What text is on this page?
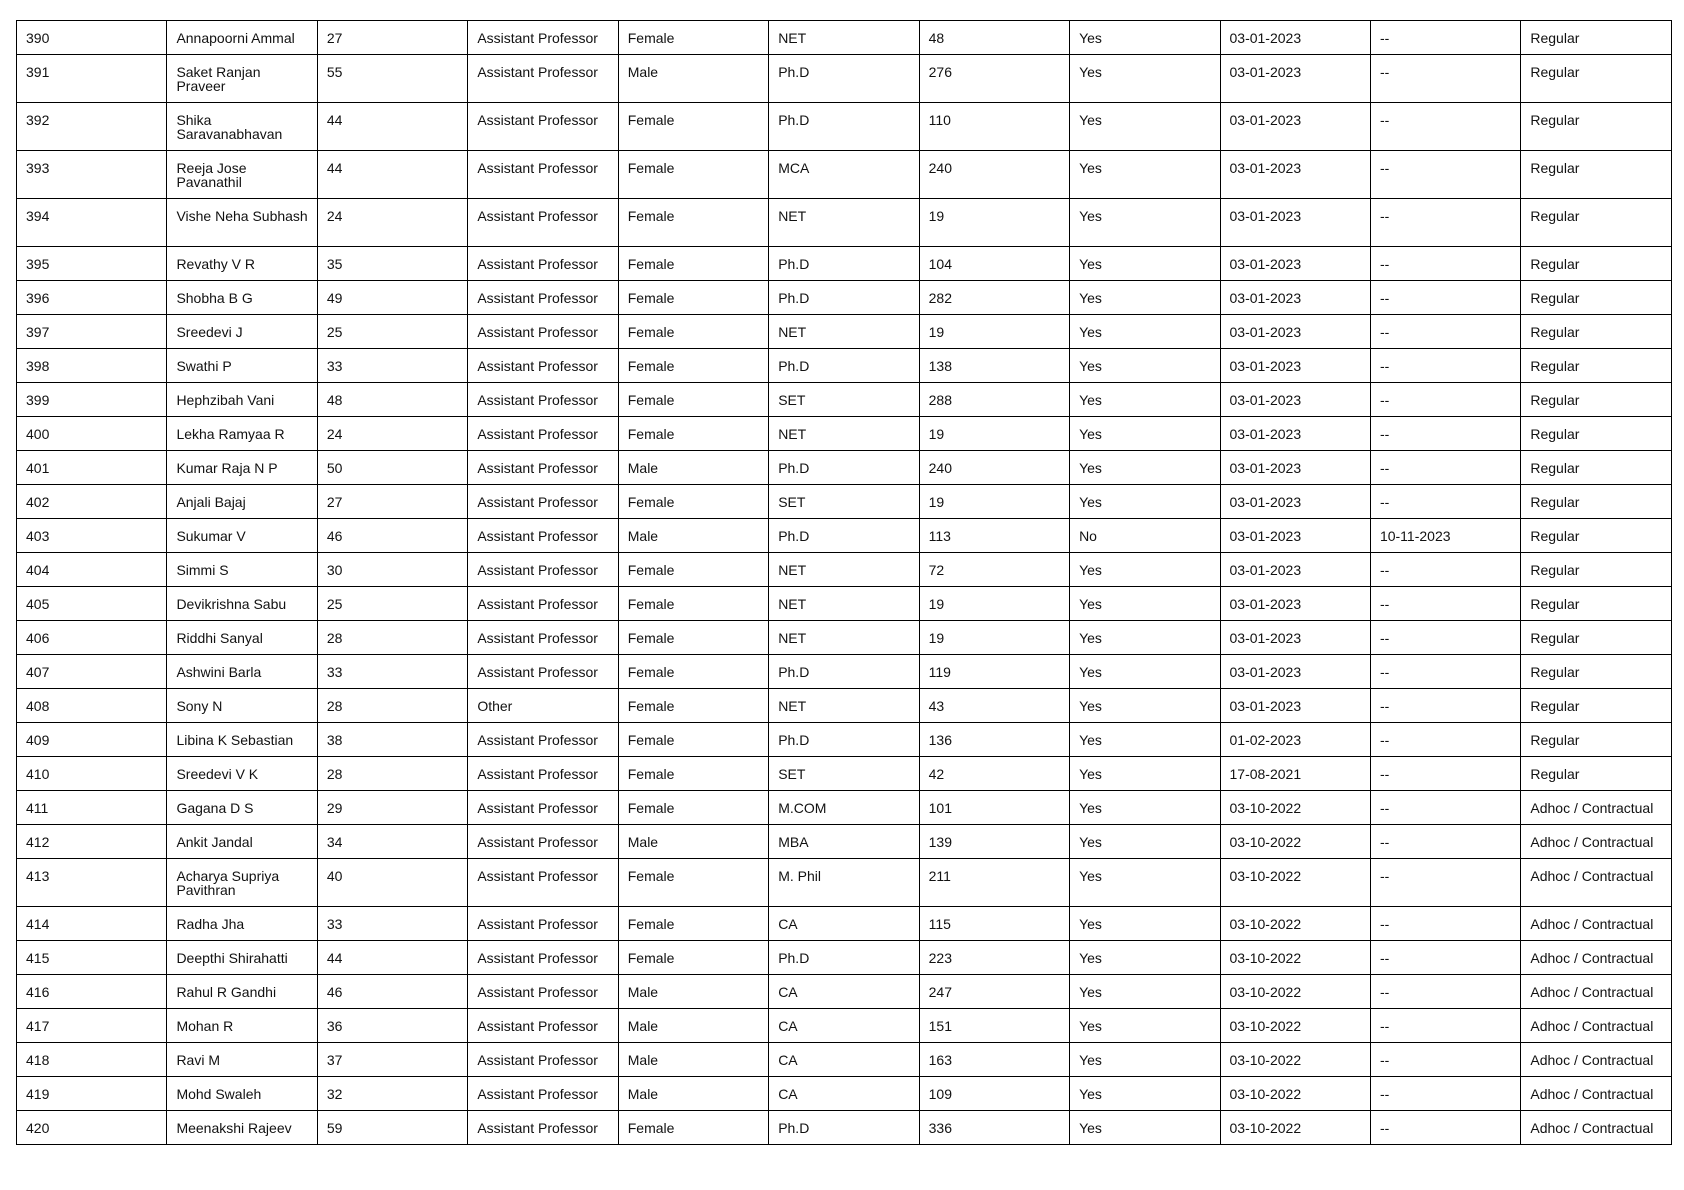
390	Annapoorni Ammal	27	Assistant Professor	Female	NET	48	Yes	03-01-2023	--	Regular
391	Saket Ranjan Praveer	55	Assistant Professor	Male	Ph.D	276	Yes	03-01-2023	--	Regular
392	Shika Saravanabhavan	44	Assistant Professor	Female	Ph.D	110	Yes	03-01-2023	--	Regular
393	Reeja Jose Pavanathil	44	Assistant Professor	Female	MCA	240	Yes	03-01-2023	--	Regular
394	Vishe Neha Subhash	24	Assistant Professor	Female	NET	19	Yes	03-01-2023	--	Regular
395	Revathy V R	35	Assistant Professor	Female	Ph.D	104	Yes	03-01-2023	--	Regular
396	Shobha B G	49	Assistant Professor	Female	Ph.D	282	Yes	03-01-2023	--	Regular
397	Sreedevi J	25	Assistant Professor	Female	NET	19	Yes	03-01-2023	--	Regular
398	Swathi P	33	Assistant Professor	Female	Ph.D	138	Yes	03-01-2023	--	Regular
399	Hephzibah Vani	48	Assistant Professor	Female	SET	288	Yes	03-01-2023	--	Regular
400	Lekha Ramyaa R	24	Assistant Professor	Female	NET	19	Yes	03-01-2023	--	Regular
401	Kumar Raja N P	50	Assistant Professor	Male	Ph.D	240	Yes	03-01-2023	--	Regular
402	Anjali Bajaj	27	Assistant Professor	Female	SET	19	Yes	03-01-2023	--	Regular
403	Sukumar V	46	Assistant Professor	Male	Ph.D	113	No	03-01-2023	10-11-2023	Regular
404	Simmi S	30	Assistant Professor	Female	NET	72	Yes	03-01-2023	--	Regular
405	Devikrishna Sabu	25	Assistant Professor	Female	NET	19	Yes	03-01-2023	--	Regular
406	Riddhi Sanyal	28	Assistant Professor	Female	NET	19	Yes	03-01-2023	--	Regular
407	Ashwini Barla	33	Assistant Professor	Female	Ph.D	119	Yes	03-01-2023	--	Regular
408	Sony N	28	Other	Female	NET	43	Yes	03-01-2023	--	Regular
409	Libina K Sebastian	38	Assistant Professor	Female	Ph.D	136	Yes	01-02-2023	--	Regular
410	Sreedevi V K	28	Assistant Professor	Female	SET	42	Yes	17-08-2021	--	Regular
411	Gagana D S	29	Assistant Professor	Female	M.COM	101	Yes	03-10-2022	--	Adhoc / Contractual
412	Ankit Jandal	34	Assistant Professor	Male	MBA	139	Yes	03-10-2022	--	Adhoc / Contractual
413	Acharya Supriya Pavithran	40	Assistant Professor	Female	M. Phil	211	Yes	03-10-2022	--	Adhoc / Contractual
414	Radha Jha	33	Assistant Professor	Female	CA	115	Yes	03-10-2022	--	Adhoc / Contractual
415	Deepthi Shirahatti	44	Assistant Professor	Female	Ph.D	223	Yes	03-10-2022	--	Adhoc / Contractual
416	Rahul R Gandhi	46	Assistant Professor	Male	CA	247	Yes	03-10-2022	--	Adhoc / Contractual
417	Mohan R	36	Assistant Professor	Male	CA	151	Yes	03-10-2022	--	Adhoc / Contractual
418	Ravi M	37	Assistant Professor	Male	CA	163	Yes	03-10-2022	--	Adhoc / Contractual
419	Mohd Swaleh	32	Assistant Professor	Male	CA	109	Yes	03-10-2022	--	Adhoc / Contractual
420	Meenakshi Rajeev	59	Assistant Professor	Female	Ph.D	336	Yes	03-10-2022	--	Adhoc / Contractual
